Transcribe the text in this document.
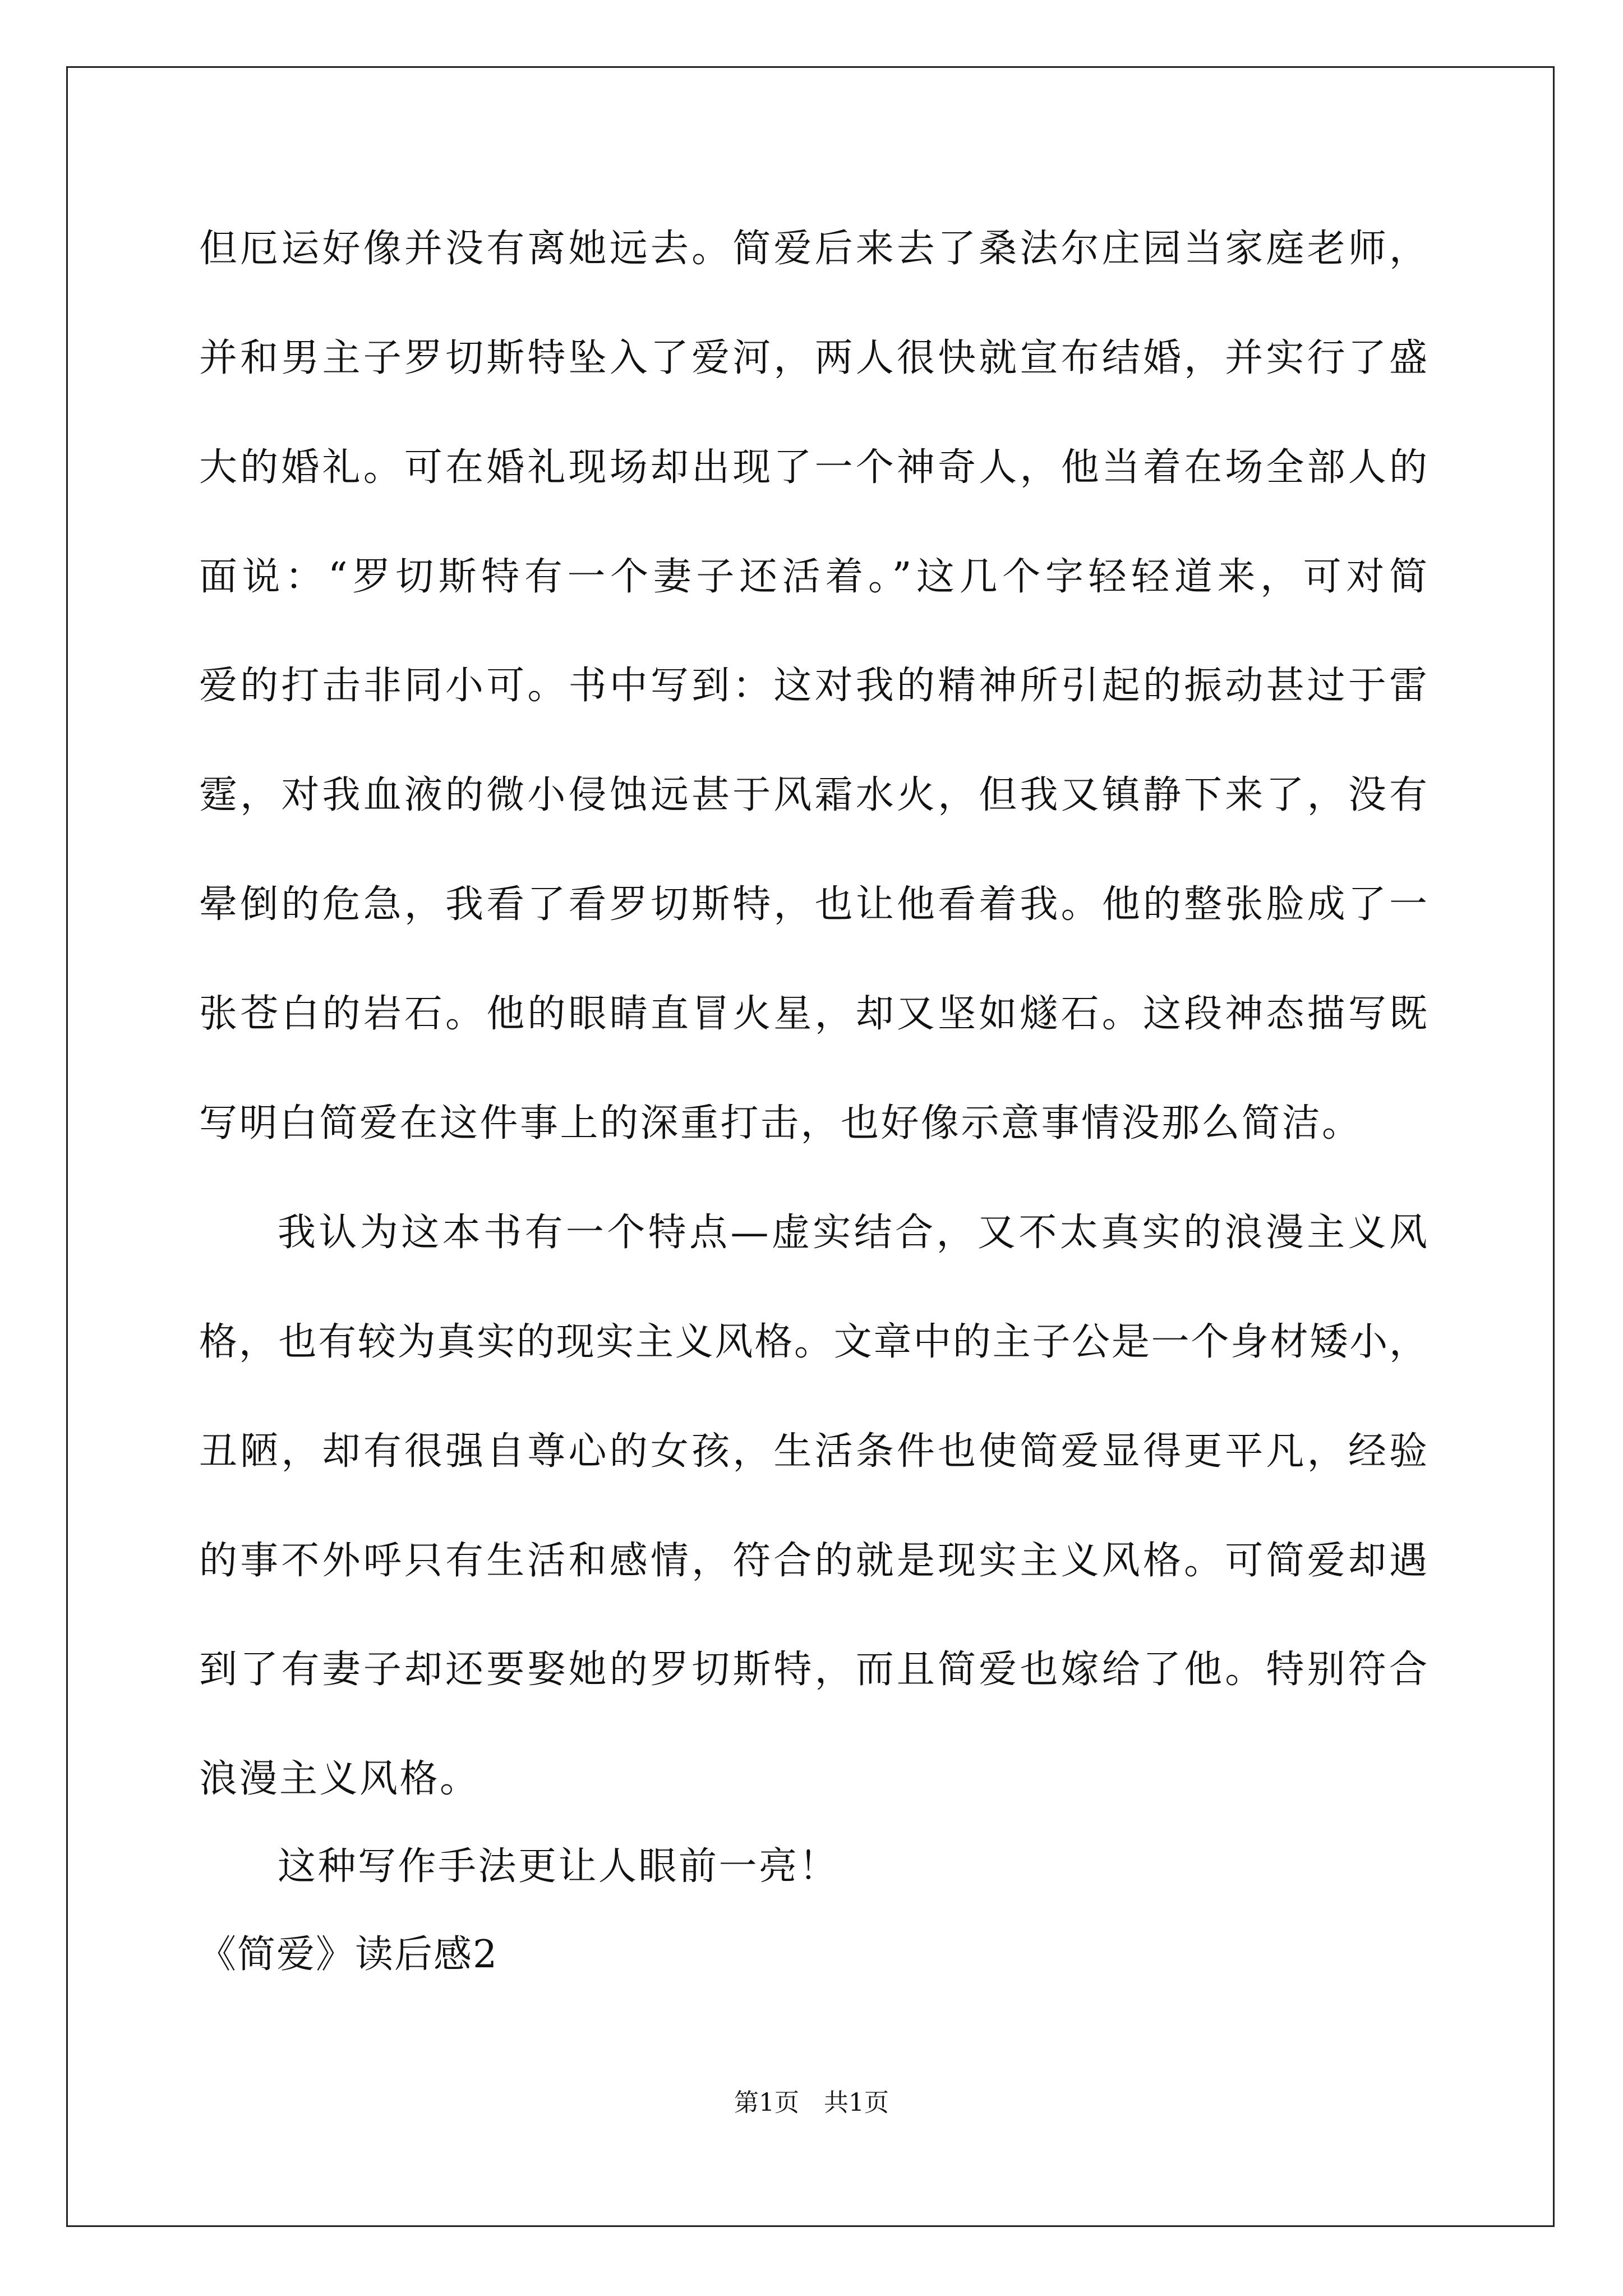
但厄运好像并没有离她远去。简爱后来去了桑法尔庄园当家庭老师，
并和男主子罗切斯特坠入了爱河，两人很快就宣布结婚，并实行了盛
大的婚礼。可在婚礼现场却出现了一个神奇人，他当着在场全部人的
面说：“罗切斯特有一个妻子还活着。”这几个字轻轻道来，可对简
爱的打击非同小可。书中写到：这对我的精神所引起的振动甚过于雷
霆，对我血液的微小侵蚀远甚于风霜水火，但我又镇静下来了，没有
晕倒的危急，我看了看罗切斯特，也让他看着我。他的整张脸成了一
张苍白的岩石。他的眼睛直冒火星，却又坚如燧石。这段神态描写既
写明白简爱在这件事上的深重打击，也好像示意事情没那么简洁。
我认为这本书有一个特点—虚实结合，又不太真实的浪漫主义风
格，也有较为真实的现实主义风格。文章中的主子公是一个身材矮小，
丑陋，却有很强自尊心的女孩，生活条件也使简爱显得更平凡，经验
的事不外呼只有生活和感情，符合的就是现实主义风格。可简爱却遇
到了有妻子却还要娶她的罗切斯特，而且简爱也嫁给了他。特别符合
浪漫主义风格。
这种写作手法更让人眼前一亮！
《简爱》读后感2
第1页　共1页
